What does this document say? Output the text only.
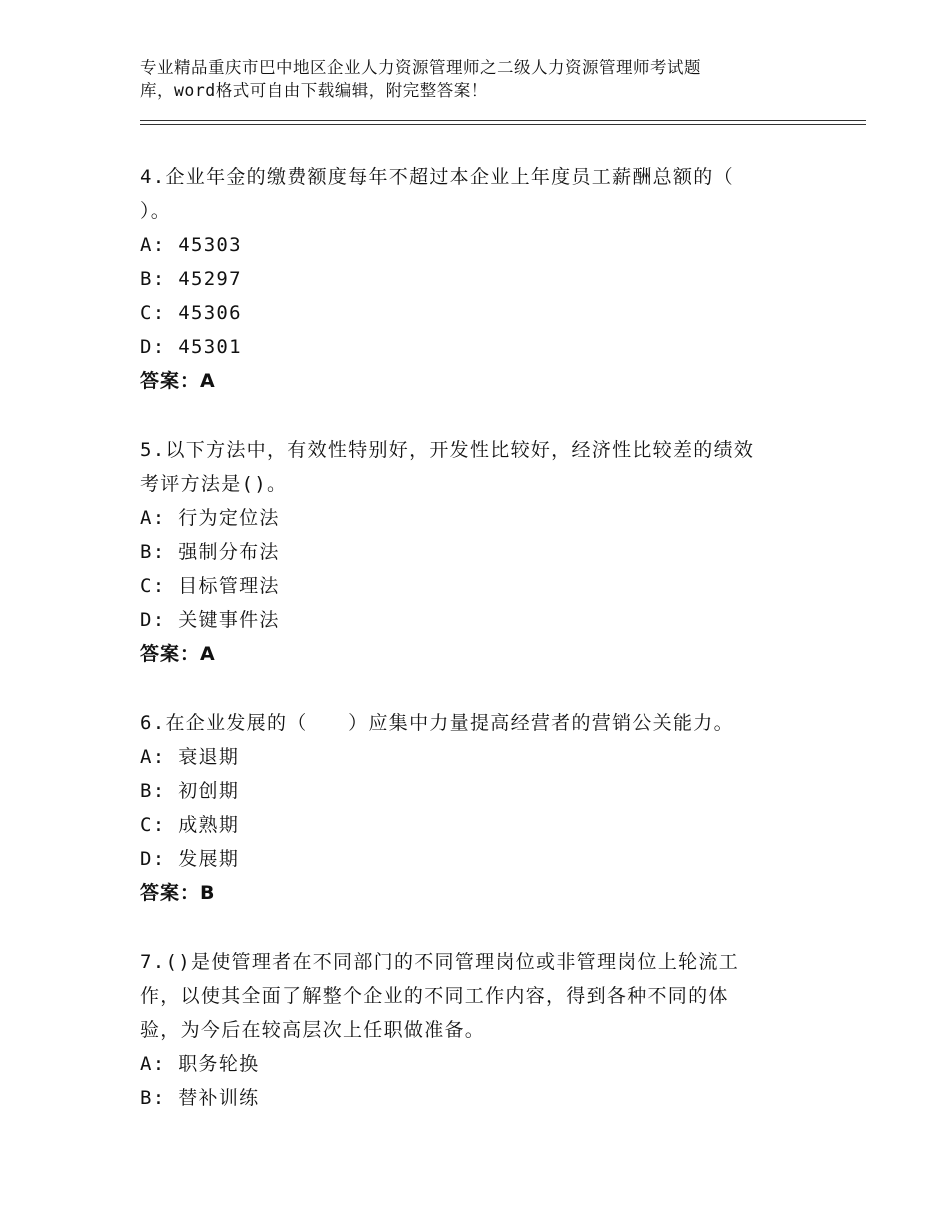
专业精品重庆市巴中地区企业人力资源管理师之二级人力资源管理师考试题
库，word格式可自由下载编辑，附完整答案！
4.企业年金的缴费额度每年不超过本企业上年度员工薪酬总额的（
）。
A: 45303
B: 45297
C: 45306
D: 45301
答案：A
5.以下方法中，有效性特别好，开发性比较好，经济性比较差的绩效
考评方法是()。
A: 行为定位法
B: 强制分布法
C: 目标管理法
D: 关键事件法
答案：A
6.在企业发展的（　　）应集中力量提高经营者的营销公关能力。
A: 衰退期
B: 初创期
C: 成熟期
D: 发展期
答案：B
7.()是使管理者在不同部门的不同管理岗位或非管理岗位上轮流工
作，以使其全面了解整个企业的不同工作内容，得到各种不同的体
验，为今后在较高层次上任职做准备。
A: 职务轮换
B: 替补训练
